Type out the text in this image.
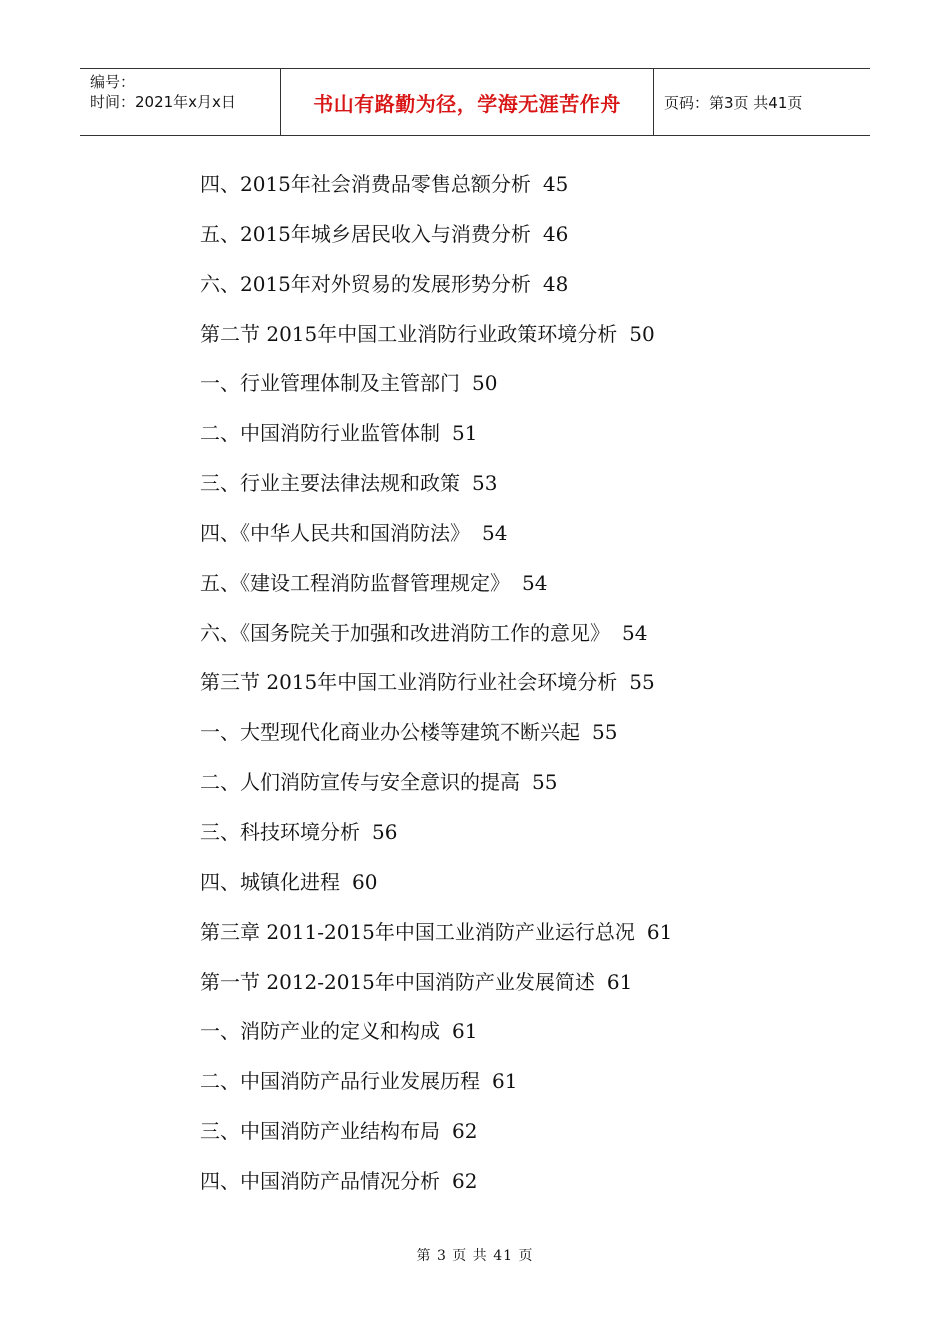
编号：
时间：2021年x月x日	书山有路勤为径，学海无涯苦作舟	页码：第3页 共41页
四、2015年社会消费品零售总额分析 45
五、2015年城乡居民收入与消费分析 46
六、2015年对外贸易的发展形势分析 48
第二节 2015年中国工业消防行业政策环境分析 50
一、行业管理体制及主管部门 50
二、中国消防行业监管体制 51
三、行业主要法律法规和政策 53
四、《中华人民共和国消防法》 54
五、《建设工程消防监督管理规定》 54
六、《国务院关于加强和改进消防工作的意见》 54
第三节 2015年中国工业消防行业社会环境分析 55
一、大型现代化商业办公楼等建筑不断兴起 55
二、人们消防宣传与安全意识的提高 55
三、科技环境分析 56
四、城镇化进程 60
第三章 2011-2015年中国工业消防产业运行总况 61
第一节 2012-2015年中国消防产业发展简述 61
一、消防产业的定义和构成 61
二、中国消防产品行业发展历程 61
三、中国消防产业结构布局 62
四、中国消防产品情况分析 62
第 3 页 共 41 页
